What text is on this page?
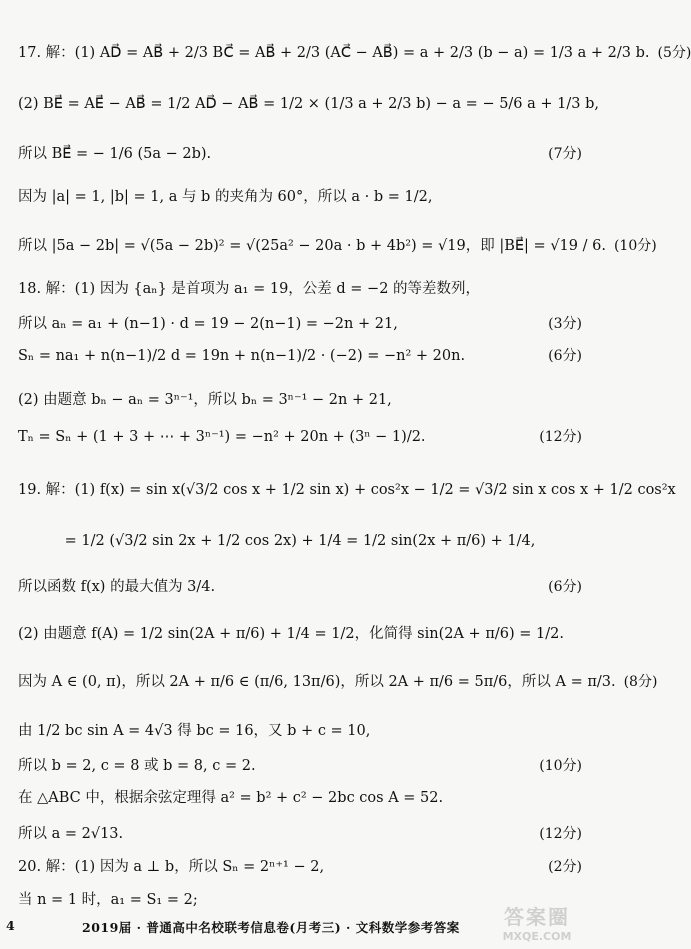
17. 解：(1) AD⃗ = AB⃗ + 2/3 BC⃗ = AB⃗ + 2/3 (AC⃗ − AB⃗) = a + 2/3 (b − a) = 1/3 a + 2/3 b. (5分)
(2) BE⃗ = AE⃗ − AB⃗ = 1/2 AD⃗ − AB⃗ = 1/2 × (1/3 a + 2/3 b) − a = − 5/6 a + 1/3 b,
所以 BE⃗ = − 1/6 (5a − 2b).	(7分)
因为 |a| = 1, |b| = 1, a 与 b 的夹角为 60°，所以 a · b = 1/2,
所以 |5a − 2b| = √(5a − 2b)² = √(25a² − 20a · b + 4b²) = √19，即 |BE⃗| = √19 / 6. (10分)
18. 解：(1) 因为 {aₙ} 是首项为 a₁ = 19，公差 d = −2 的等差数列，
所以 aₙ = a₁ + (n−1) · d = 19 − 2(n−1) = −2n + 21,	(3分)
Sₙ = na₁ + n(n−1)/2 d = 19n + n(n−1)/2 · (−2) = −n² + 20n.	(6分)
(2) 由题意 bₙ − aₙ = 3ⁿ⁻¹，所以 bₙ = 3ⁿ⁻¹ − 2n + 21,
Tₙ = Sₙ + (1 + 3 + ⋯ + 3ⁿ⁻¹) = −n² + 20n + (3ⁿ − 1)/2.	(12分)
19. 解：(1) f(x) = sin x(√3/2 cos x + 1/2 sin x) + cos²x − 1/2 = √3/2 sin x cos x + 1/2 cos²x
= 1/2 (√3/2 sin 2x + 1/2 cos 2x) + 1/4 = 1/2 sin(2x + π/6) + 1/4,
所以函数 f(x) 的最大值为 3/4.	(6分)
(2) 由题意 f(A) = 1/2 sin(2A + π/6) + 1/4 = 1/2，化简得 sin(2A + π/6) = 1/2.
因为 A ∈ (0, π)，所以 2A + π/6 ∈ (π/6, 13π/6)，所以 2A + π/6 = 5π/6，所以 A = π/3. (8分)
由 1/2 bc sin A = 4√3 得 bc = 16，又 b + c = 10,
所以 b = 2, c = 8 或 b = 8, c = 2.	(10分)
在 △ABC 中，根据余弦定理得 a² = b² + c² − 2bc cos A = 52.
所以 a = 2√13.	(12分)
20. 解：(1) 因为 a ⊥ b，所以 Sₙ = 2ⁿ⁺¹ − 2,	(2分)
当 n = 1 时，a₁ = S₁ = 2;
4	2019届 · 普通高中名校联考信息卷(月考三) · 文科数学参考答案 答案圈
MXQE.COM
